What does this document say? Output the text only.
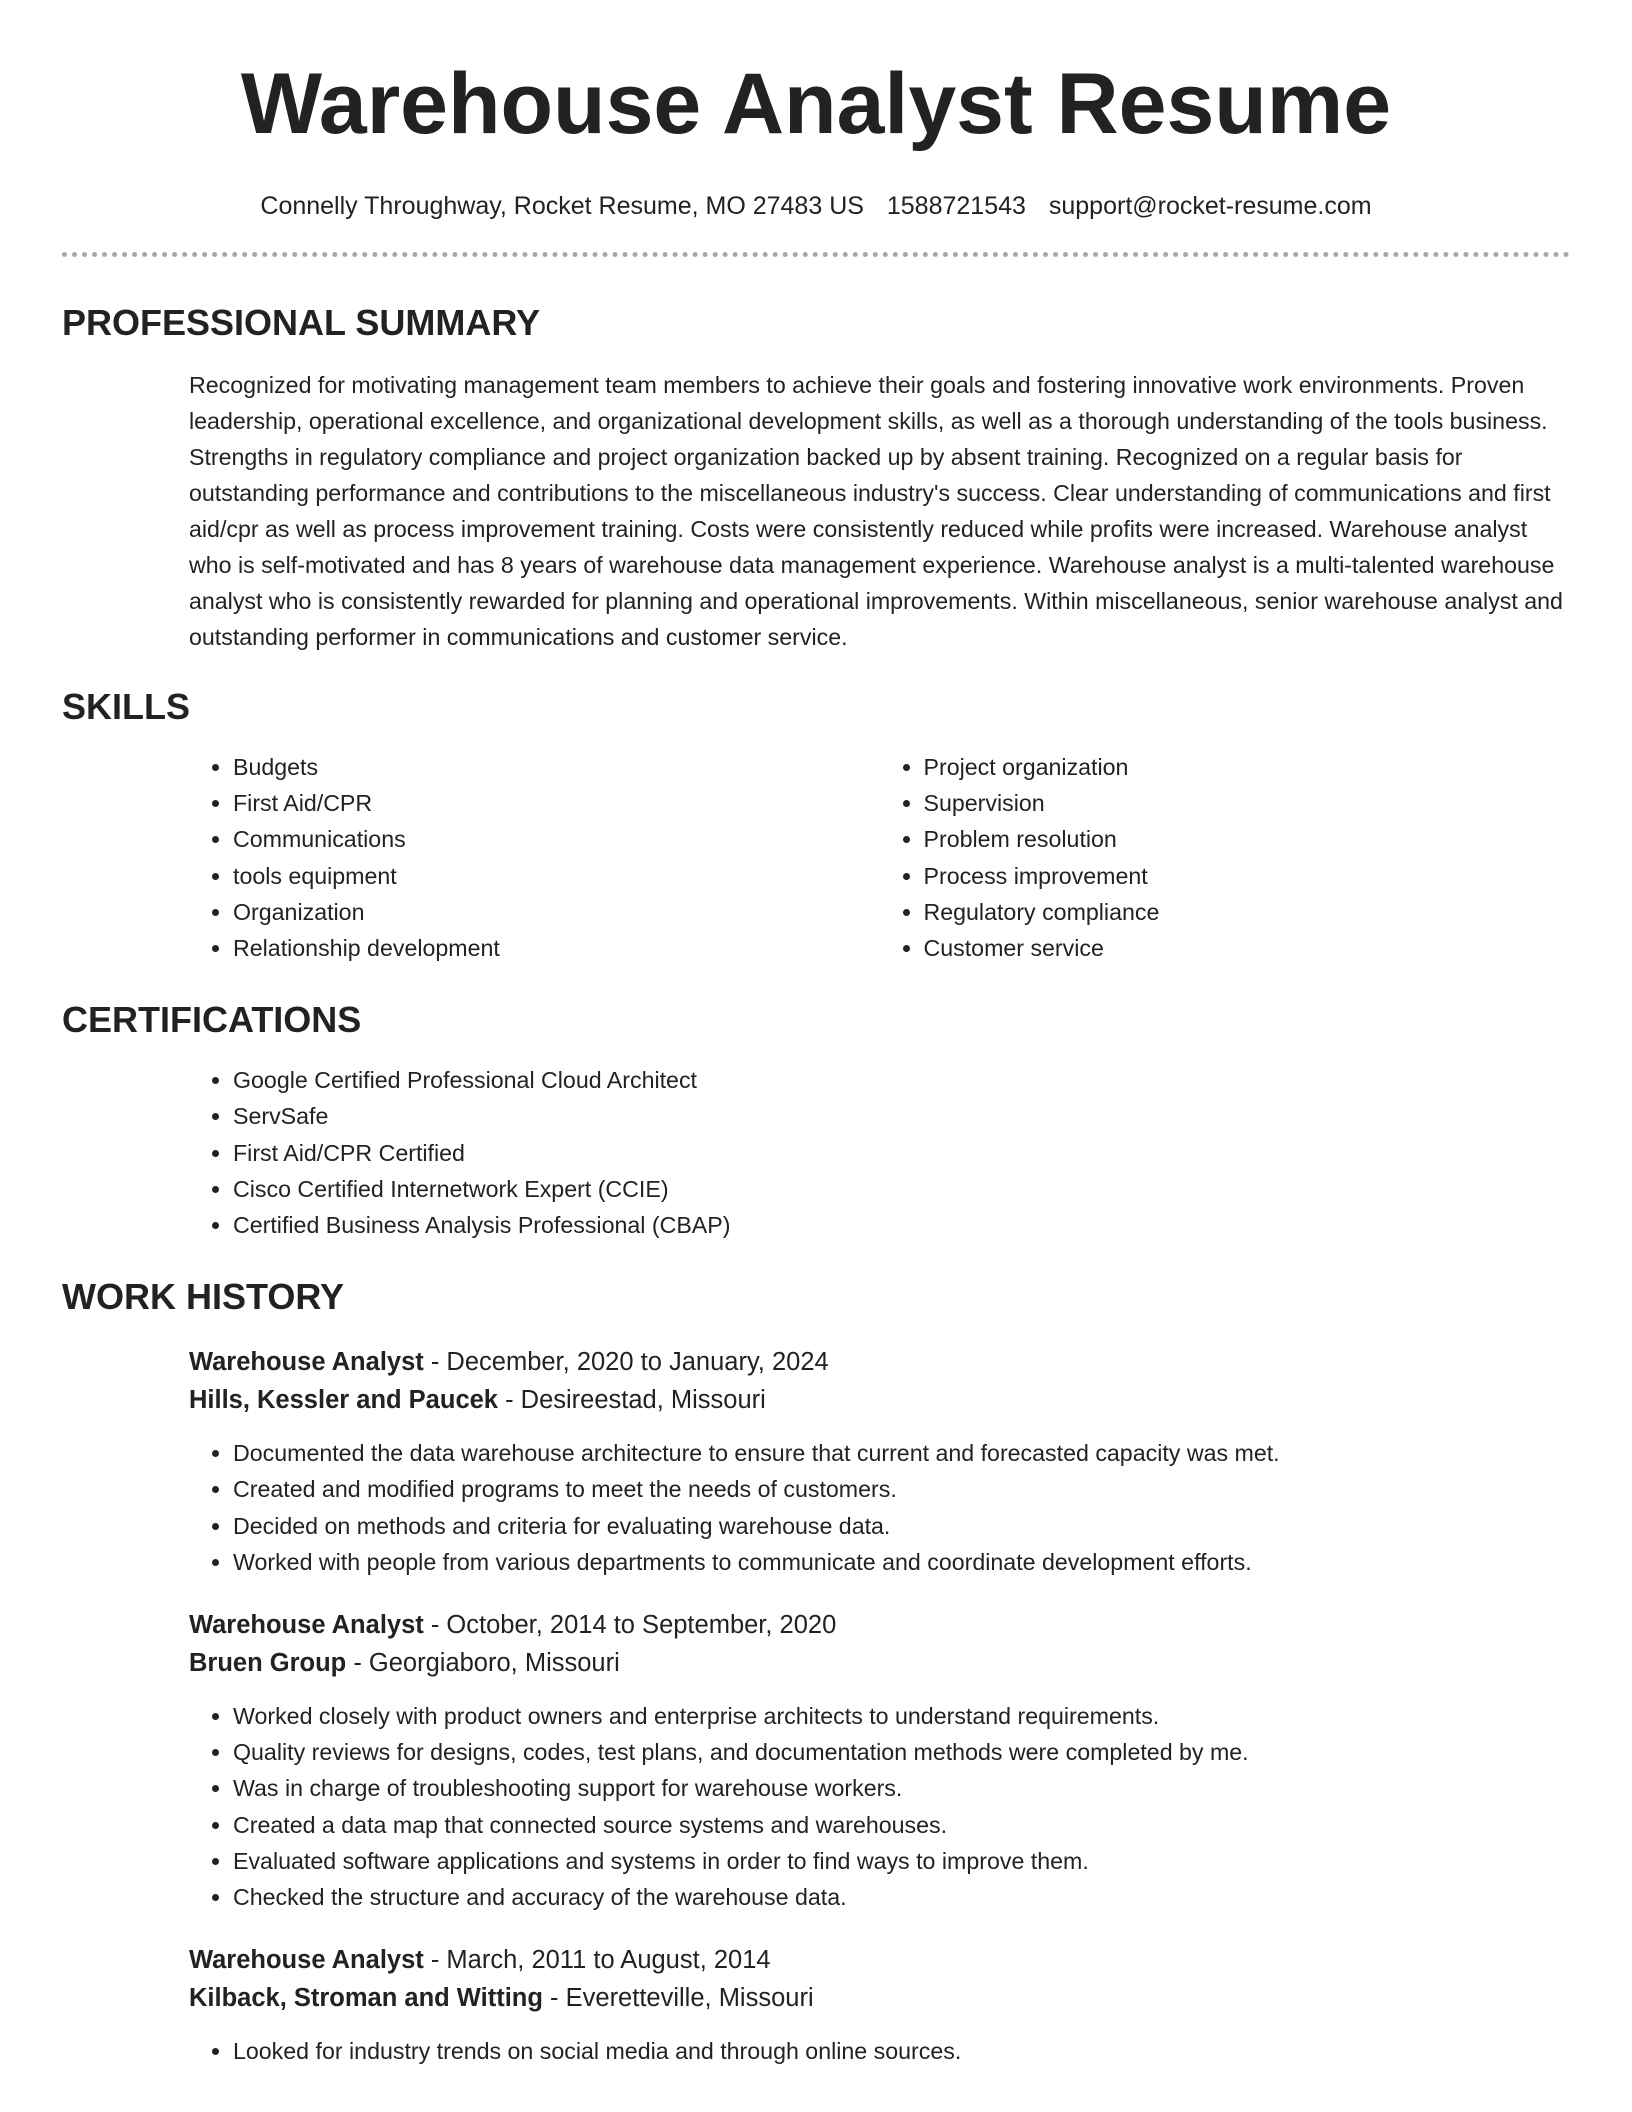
Warehouse Analyst Resume
Connelly Throughway, Rocket Resume, MO 27483 US 1588721543 support@rocket-resume.com
PROFESSIONAL SUMMARY

Recognized for motivating management team members to achieve their goals and fostering innovative work environments. Proven leadership, operational excellence, and organizational development skills, as well as a thorough understanding of the tools business. Strengths in regulatory compliance and project organization backed up by absent training. Recognized on a regular basis for outstanding performance and contributions to the miscellaneous industry's success. Clear understanding of communications and first aid/cpr as well as process improvement training. Costs were consistently reduced while profits were increased. Warehouse analyst who is self-motivated and has 8 years of warehouse data management experience. Warehouse analyst is a multi-talented warehouse analyst who is consistently rewarded for planning and operational improvements. Within miscellaneous, senior warehouse analyst and outstanding performer in communications and customer service.

SKILLS
• Budgets
• First Aid/CPR
• Communications
• tools equipment
• Organization
• Relationship development
• Project organization
• Supervision
• Problem resolution
• Process improvement
• Regulatory compliance
• Customer service
CERTIFICATIONS
• Google Certified Professional Cloud Architect
• ServSafe
• First Aid/CPR Certified
• Cisco Certified Internetwork Expert (CCIE)
• Certified Business Analysis Professional (CBAP)
WORK HISTORY
Warehouse Analyst - December, 2020 to January, 2024
Hills, Kessler and Paucek - Desireestad, Missouri
• Documented the data warehouse architecture to ensure that current and forecasted capacity was met.
• Created and modified programs to meet the needs of customers.
• Decided on methods and criteria for evaluating warehouse data.
• Worked with people from various departments to communicate and coordinate development efforts.
Warehouse Analyst - October, 2014 to September, 2020
Bruen Group - Georgiaboro, Missouri
• Worked closely with product owners and enterprise architects to understand requirements.
• Quality reviews for designs, codes, test plans, and documentation methods were completed by me.
• Was in charge of troubleshooting support for warehouse workers.
• Created a data map that connected source systems and warehouses.
• Evaluated software applications and systems in order to find ways to improve them.
• Checked the structure and accuracy of the warehouse data.
Warehouse Analyst - March, 2011 to August, 2014
Kilback, Stroman and Witting - Everetteville, Missouri
• Looked for industry trends on social media and through online sources.
